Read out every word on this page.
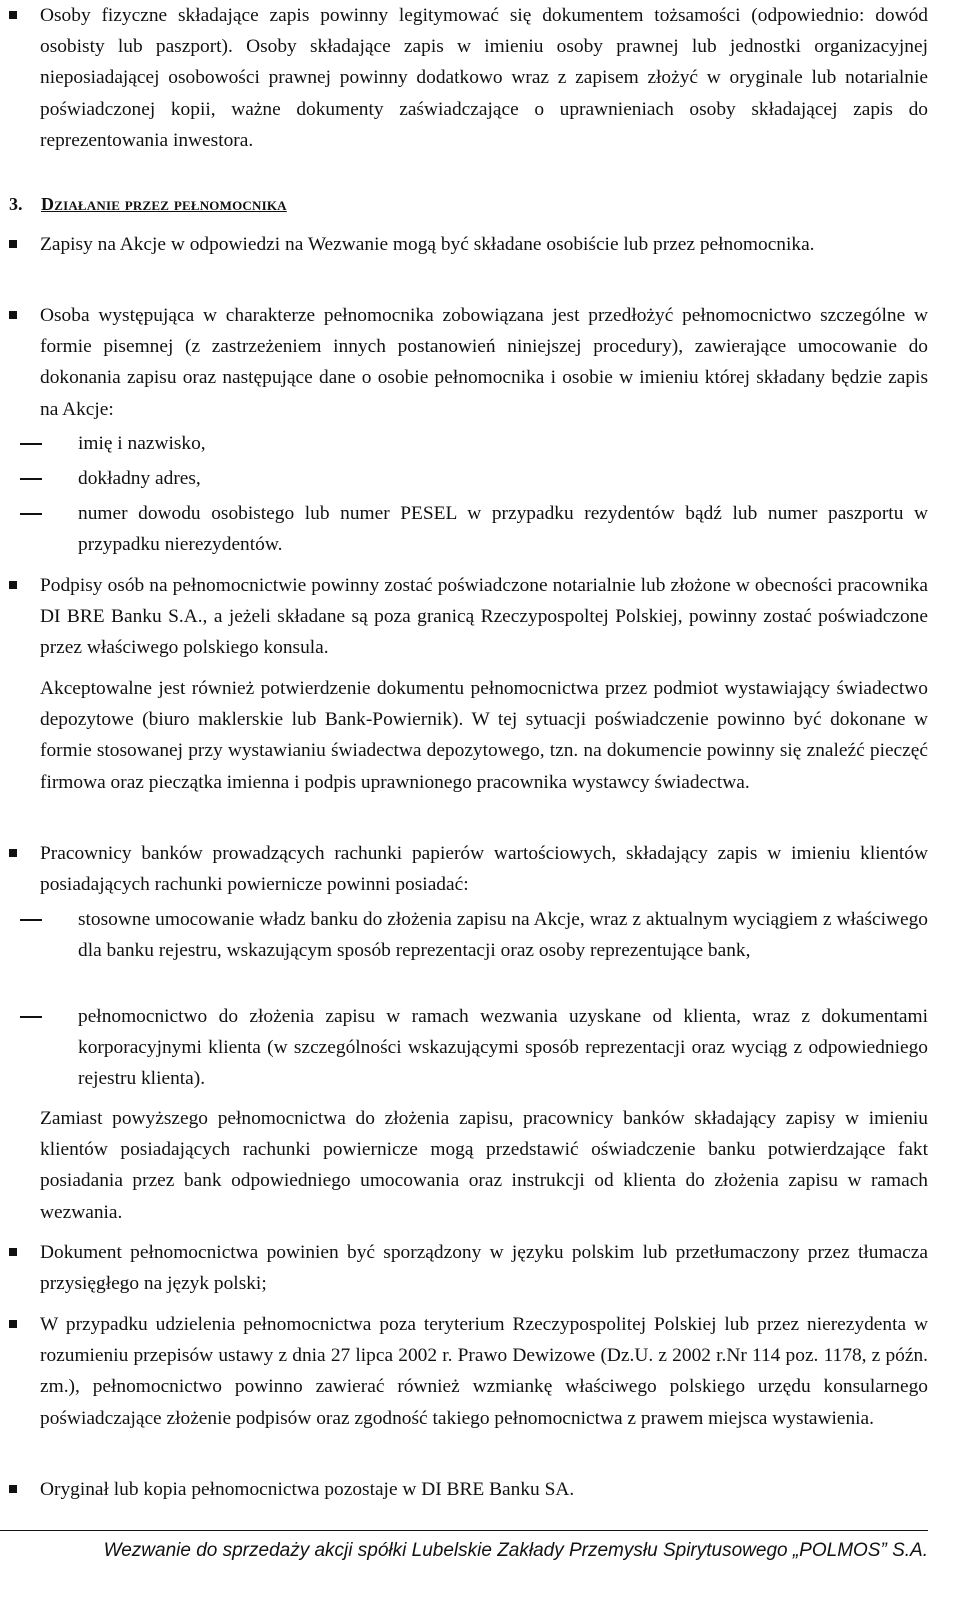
Osoby fizyczne składające zapis powinny legitymować się dokumentem tożsamości (odpowiednio: dowód osobisty lub paszport). Osoby składające zapis w imieniu osoby prawnej lub jednostki organizacyjnej nieposiadającej osobowości prawnej powinny dodatkowo wraz z zapisem złożyć w oryginale lub notarialnie poświadczonej kopii, ważne dokumenty zaświadczające o uprawnieniach osoby składającej zapis do reprezentowania inwestora.

3. Działanie przez pełnomocnika

Zapisy na Akcje w odpowiedzi na Wezwanie mogą być składane osobiście lub przez pełnomocnika.

Osoba występująca w charakterze pełnomocnika zobowiązana jest przedłożyć pełnomocnictwo szczególne w formie pisemnej (z zastrzeżeniem innych postanowień niniejszej procedury), zawierające umocowanie do dokonania zapisu oraz następujące dane o osobie pełnomocnika i osobie w imieniu której składany będzie zapis na Akcje:

imię i nazwisko,

dokładny adres,

numer dowodu osobistego lub numer PESEL w przypadku rezydentów bądź lub numer paszportu w przypadku nierezydentów.

Podpisy osób na pełnomocnictwie powinny zostać poświadczone notarialnie lub złożone w obecności pracownika DI BRE Banku S.A., a jeżeli składane są poza granicą Rzeczypospoltej Polskiej, powinny zostać poświadczone przez właściwego polskiego konsula.

Akceptowalne jest również potwierdzenie dokumentu pełnomocnictwa przez podmiot wystawiający świadectwo depozytowe (biuro maklerskie lub Bank-Powiernik). W tej sytuacji poświadczenie powinno być dokonane w formie stosowanej przy wystawianiu świadectwa depozytowego, tzn. na dokumencie powinny się znaleźć pieczęć firmowa oraz pieczątka imienna i podpis uprawnionego pracownika wystawcy świadectwa.

Pracownicy banków prowadzących rachunki papierów wartościowych, składający zapis w imieniu klientów posiadających rachunki powiernicze powinni posiadać:

stosowne umocowanie władz banku do złożenia zapisu na Akcje, wraz z aktualnym wyciągiem z właściwego dla banku rejestru, wskazującym sposób reprezentacji oraz osoby reprezentujące bank,

pełnomocnictwo do złożenia zapisu w ramach wezwania uzyskane od klienta, wraz z dokumentami korporacyjnymi klienta (w szczególności wskazującymi sposób reprezentacji oraz wyciąg z odpowiedniego rejestru klienta).

Zamiast powyższego pełnomocnictwa do złożenia zapisu, pracownicy banków składający zapisy w imieniu klientów posiadających rachunki powiernicze mogą przedstawić oświadczenie banku potwierdzające fakt posiadania przez bank odpowiedniego umocowania oraz instrukcji od klienta do złożenia zapisu w ramach wezwania.

Dokument pełnomocnictwa powinien być sporządzony w języku polskim lub przetłumaczony przez tłumacza przysięgłego na język polski;

W przypadku udzielenia pełnomocnictwa poza teryterium Rzeczypospolitej Polskiej lub przez nierezydenta w rozumieniu przepisów ustawy z dnia 27 lipca 2002 r. Prawo Dewizowe (Dz.U. z 2002 r.Nr 114 poz. 1178, z późn. zm.), pełnomocnictwo powinno zawierać również wzmiankę właściwego polskiego urzędu konsularnego poświadczające złożenie podpisów oraz zgodność takiego pełnomocnictwa z prawem miejsca wystawienia.

Oryginał lub kopia pełnomocnictwa pozostaje w DI BRE Banku SA.

Wezwanie do sprzedaży akcji spółki Lubelskie Zakłady Przemysłu Spirytusowego „POLMOS” S.A.
